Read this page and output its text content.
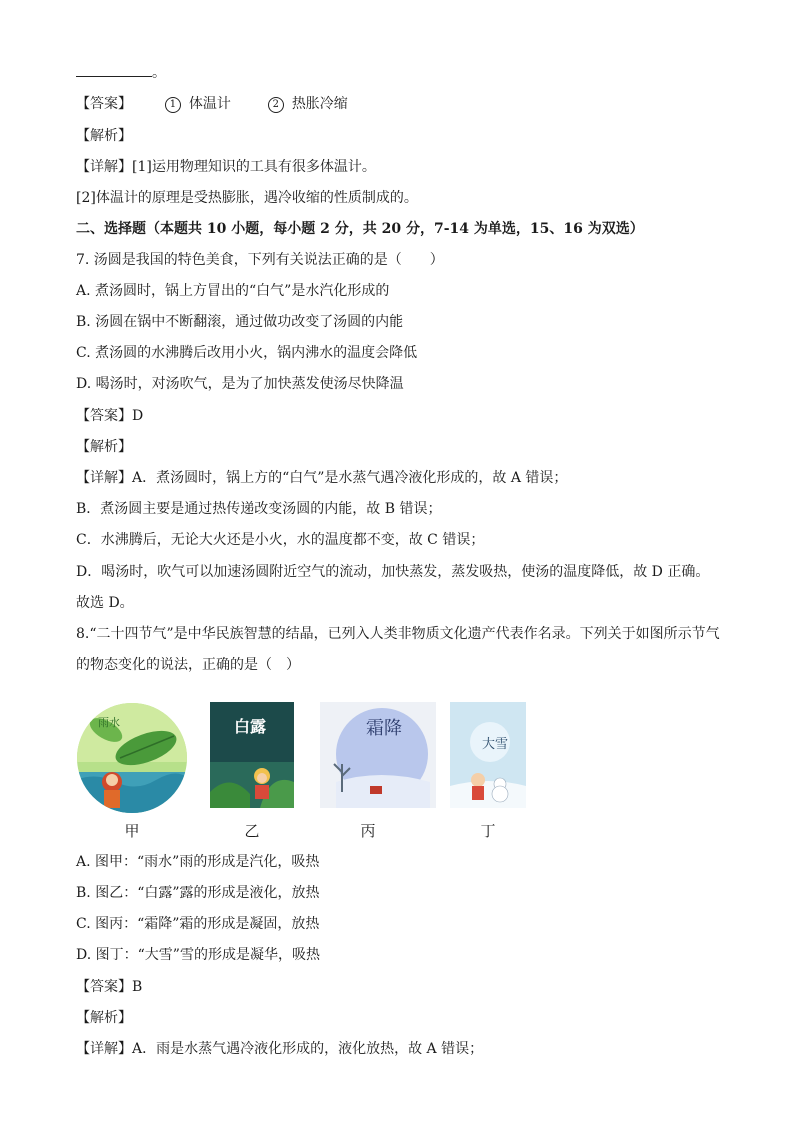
。
【答案】	1 体温计	2 热胀冷缩
【解析】
【详解】[1]运用物理知识的工具有很多体温计。
[2]体温计的原理是受热膨胀，遇冷收缩的性质制成的。
二、选择题（本题共 10 小题，每小题 2 分，共 20 分，7-14 为单选，15、16 为双选）
7. 汤圆是我国的特色美食，下列有关说法正确的是（　　）
A. 煮汤圆时，锅上方冒出的“白气”是水汽化形成的
B. 汤圆在锅中不断翻滚，通过做功改变了汤圆的内能
C. 煮汤圆的水沸腾后改用小火，锅内沸水的温度会降低
D. 喝汤时，对汤吹气，是为了加快蒸发使汤尽快降温
【答案】D
【解析】
【详解】A．煮汤圆时，锅上方的“白气”是水蒸气遇冷液化形成的，故 A 错误；
B．煮汤圆主要是通过热传递改变汤圆的内能，故 B 错误；
C．水沸腾后，无论大火还是小火，水的温度都不变，故 C 错误；
D．喝汤时，吹气可以加速汤圆附近空气的流动，加快蒸发，蒸发吸热，使汤的温度降低，故 D 正确。
故选 D。
8.“二十四节气”是中华民族智慧的结晶，已列入人类非物质文化遗产代表作名录。下列关于如图所示节气
的物态变化的说法，正确的是（　）
雨水	白露	霜降
大雪
甲	乙	丙	丁
A. 图甲：“雨水”雨的形成是汽化，吸热
B. 图乙：“白露”露的形成是液化，放热
C. 图丙：“霜降”霜的形成是凝固，放热
D. 图丁：“大雪”雪的形成是凝华，吸热
【答案】B
【解析】
【详解】A．雨是水蒸气遇冷液化形成的，液化放热，故 A 错误；
